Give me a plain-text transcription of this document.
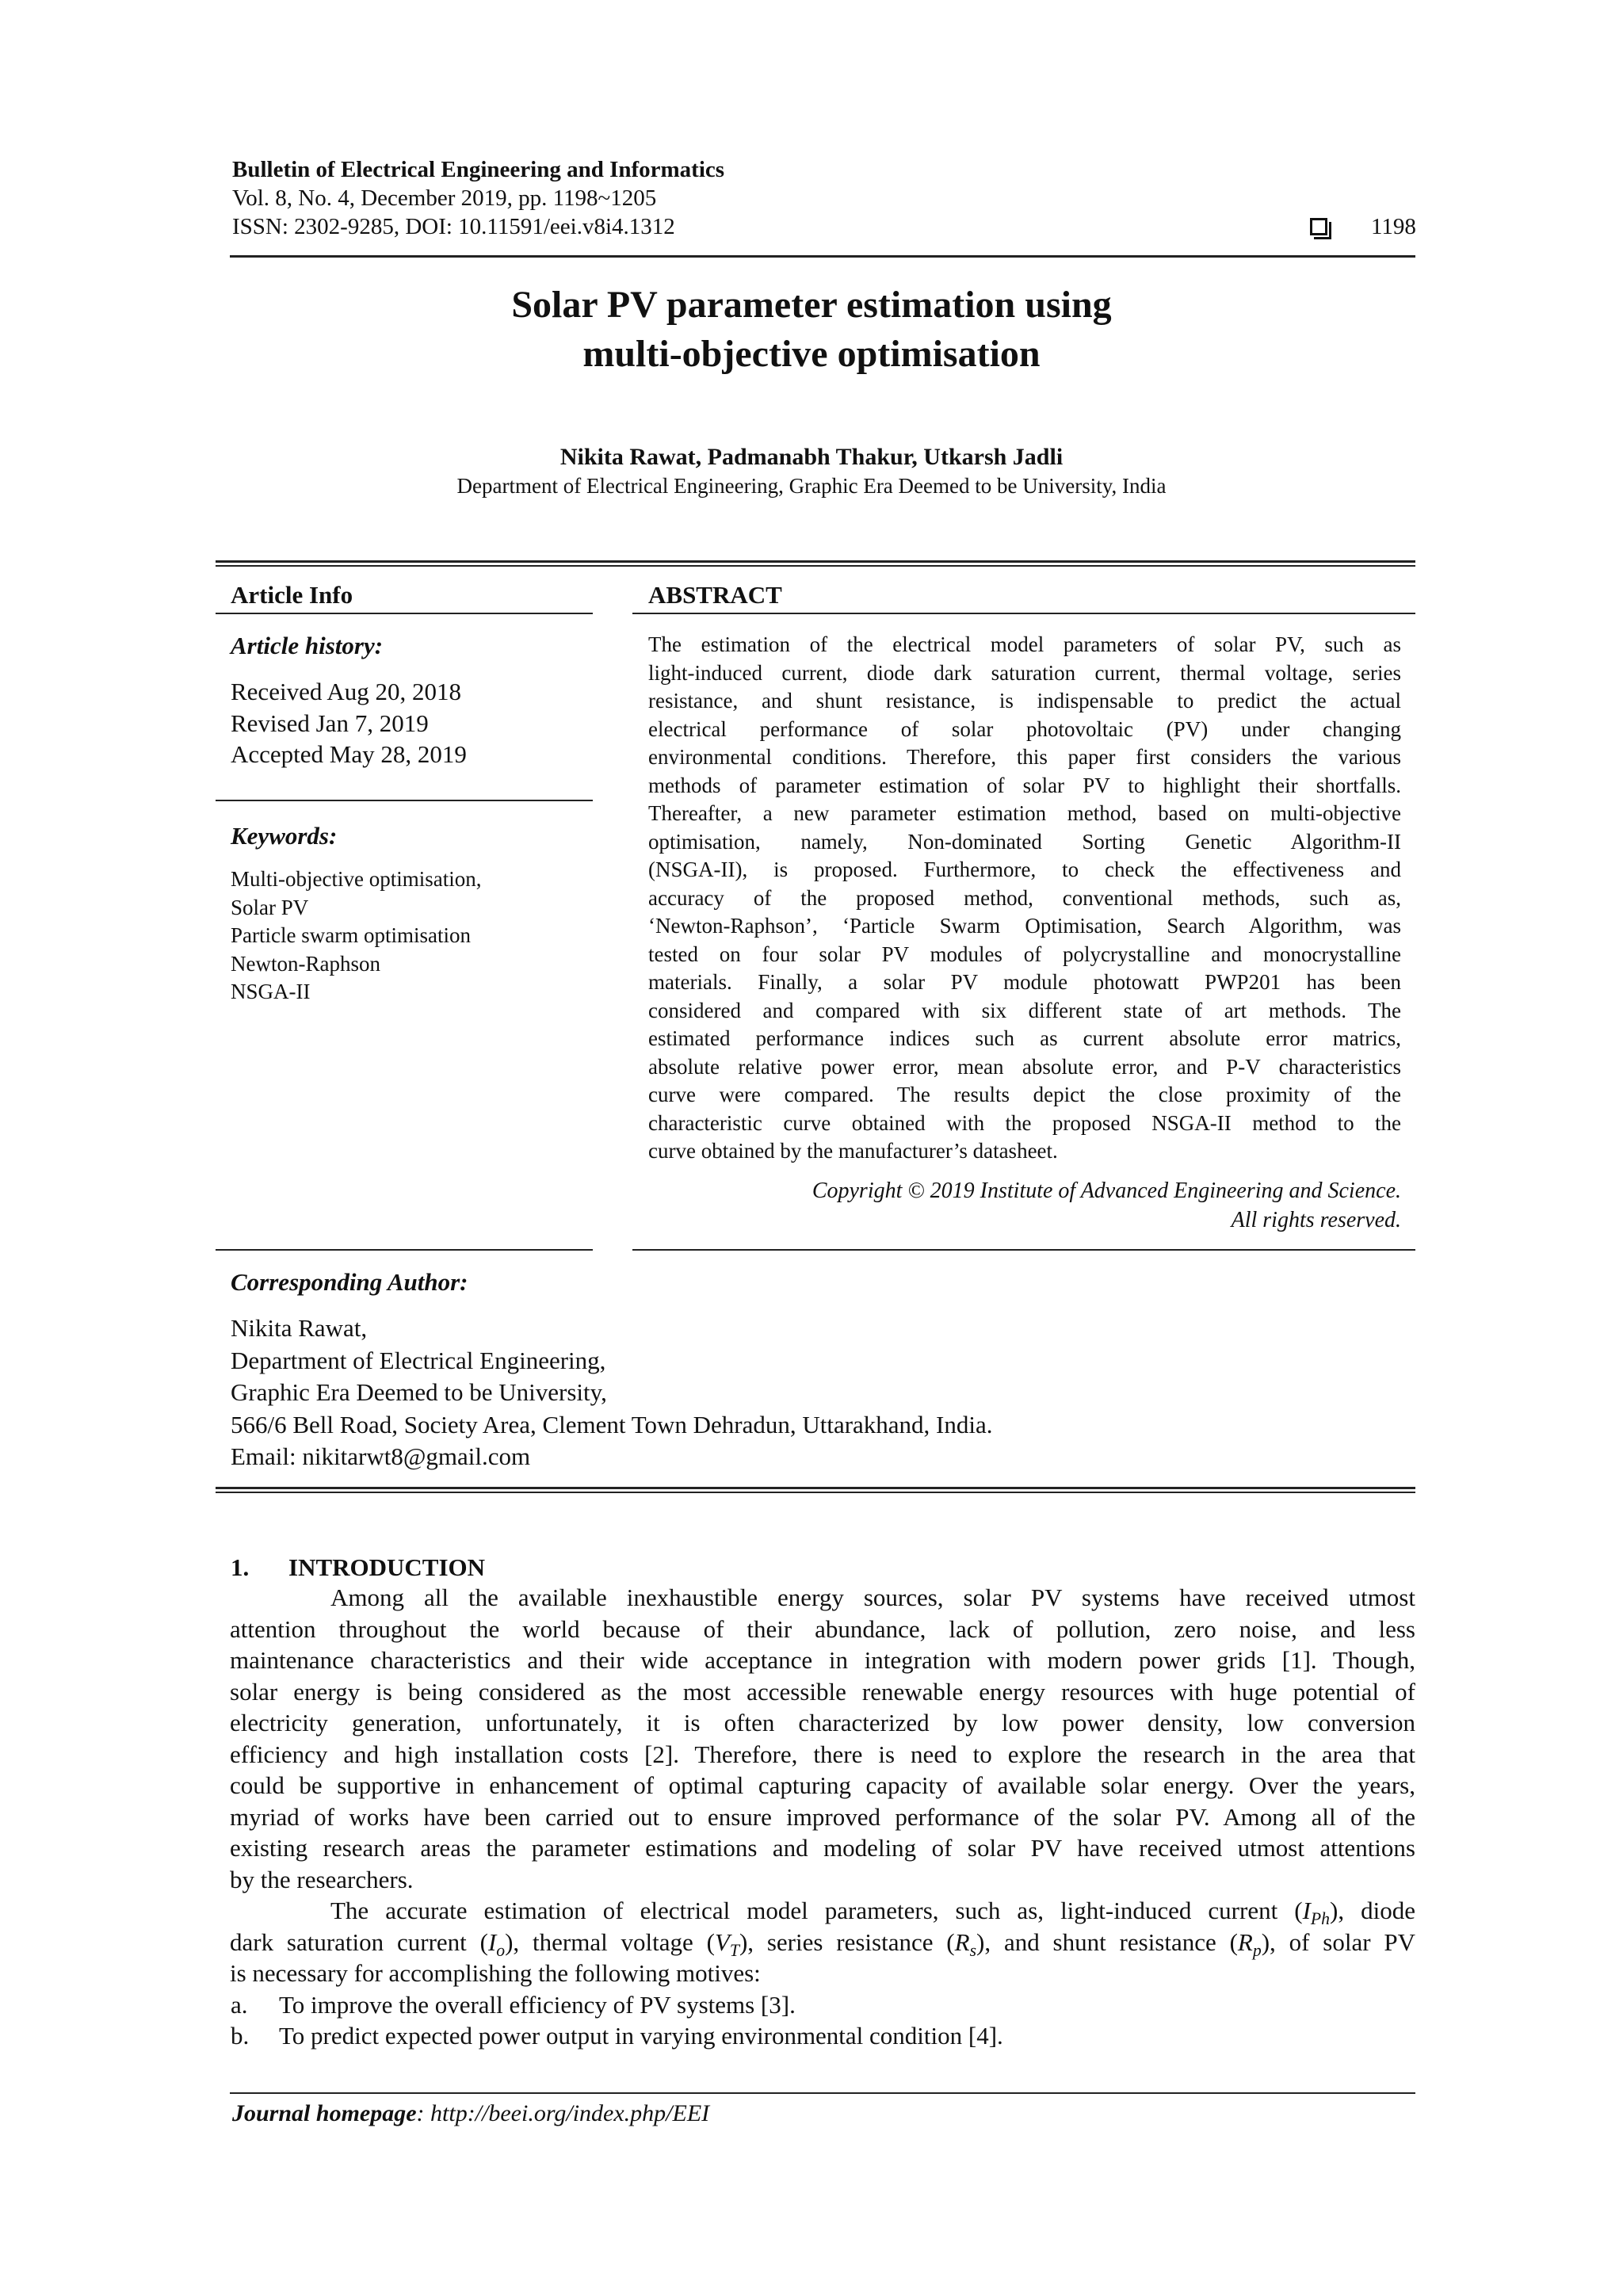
Bulletin of Electrical Engineering and Informatics
Vol. 8, No. 4, December 2019, pp. 1198~1205
ISSN: 2302-9285, DOI: 10.11591/eei.v8i4.1312	1198
Solar PV parameter estimation using
multi-objective optimisation
Nikita Rawat, Padmanabh Thakur, Utkarsh Jadli
Department of Electrical Engineering, Graphic Era Deemed to be University, India
Article Info
Article history:
Received Aug 20, 2018
Revised Jan 7, 2019
Accepted May 28, 2019
Keywords:
Multi-objective optimisation,
Solar PV
Particle swarm optimisation
Newton-Raphson
NSGA-II
ABSTRACT
The estimation of the electrical model parameters of solar PV, such as
light-induced current, diode dark saturation current, thermal voltage, series
resistance, and shunt resistance, is indispensable to predict the actual
electrical performance of solar photovoltaic (PV) under changing
environmental conditions. Therefore, this paper first considers the various
methods of parameter estimation of solar PV to highlight their shortfalls.
Thereafter, a new parameter estimation method, based on multi-objective
optimisation, namely, Non-dominated Sorting Genetic Algorithm-II
(NSGA-II), is proposed. Furthermore, to check the effectiveness and
accuracy of the proposed method, conventional methods, such as,
‘Newton-Raphson’, ‘Particle Swarm Optimisation, Search Algorithm, was
tested on four solar PV modules of polycrystalline and monocrystalline
materials. Finally, a solar PV module photowatt PWP201 has been
considered and compared with six different state of art methods. The
estimated performance indices such as current absolute error matrics,
absolute relative power error, mean absolute error, and P-V characteristics
curve were compared. The results depict the close proximity of the
characteristic curve obtained with the proposed NSGA-II method to the
curve obtained by the manufacturer’s datasheet.
Copyright © 2019 Institute of Advanced Engineering and Science.
All rights reserved.
Corresponding Author:
Nikita Rawat,
Department of Electrical Engineering,
Graphic Era Deemed to be University,
566/6 Bell Road, Society Area, Clement Town Dehradun, Uttarakhand, India.
Email: nikitarwt8@gmail.com
1. INTRODUCTION
Among all the available inexhaustible energy sources, solar PV systems have received utmost
attention throughout the world because of their abundance, lack of pollution, zero noise, and less
maintenance characteristics and their wide acceptance in integration with modern power grids [1]. Though,
solar energy is being considered as the most accessible renewable energy resources with huge potential of
electricity generation, unfortunately, it is often characterized by low power density, low conversion
efficiency and high installation costs [2]. Therefore, there is need to explore the research in the area that
could be supportive in enhancement of optimal capturing capacity of available solar energy. Over the years,
myriad of works have been carried out to ensure improved performance of the solar PV. Among all of the
existing research areas the parameter estimations and modeling of solar PV have received utmost attentions
by the researchers.
The accurate estimation of electrical model parameters, such as, light-induced current $(I_{Ph})$, diode
dark saturation current $(I_o)$, thermal voltage $(V_T)$, series resistance $(R_s)$, and shunt resistance $(R_p)$, of solar PV
is necessary for accomplishing the following motives:
a. To improve the overall efficiency of PV systems [3].
b. To predict expected power output in varying environmental condition [4].
Journal homepage: http://beei.org/index.php/EEI
